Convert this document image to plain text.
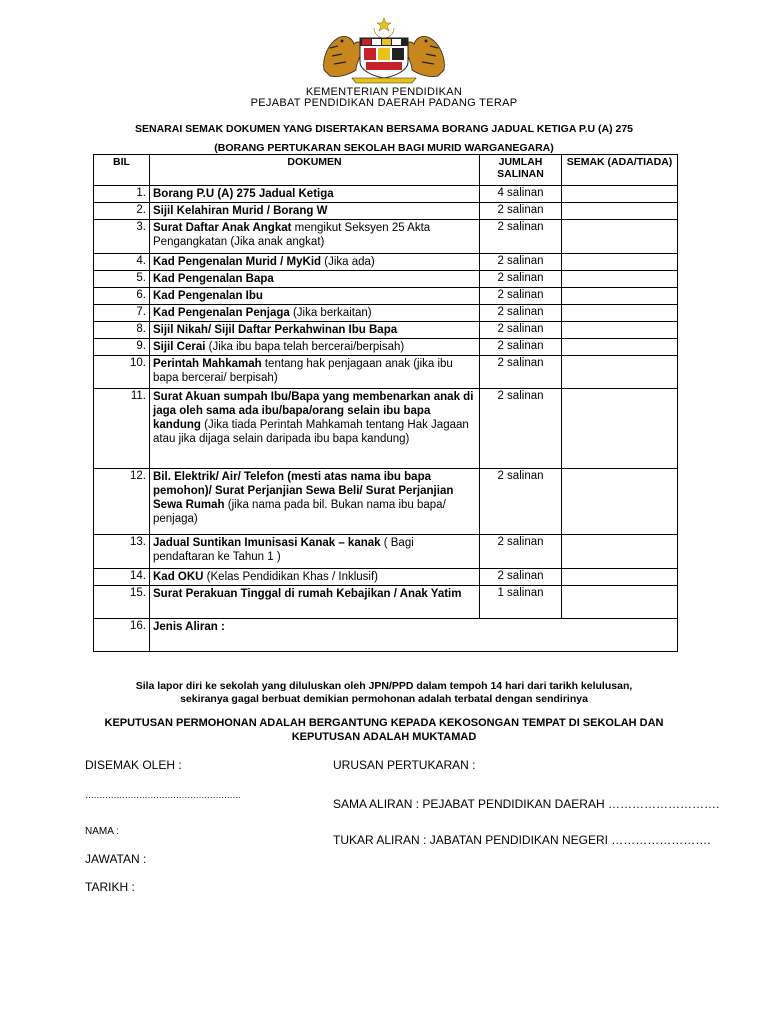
KEMENTERIAN PENDIDIKAN
PEJABAT PENDIDIKAN DAERAH PADANG TERAP
SENARAI SEMAK DOKUMEN YANG DISERTAKAN BERSAMA BORANG JADUAL KETIGA P.U (A) 275
(BORANG PERTUKARAN SEKOLAH BAGI MURID WARGANEGARA)
BIL	DOKUMEN	JUMLAH SALINAN	SEMAK (ADA/TIADA)
1.	Borang P.U (A) 275 Jadual Ketiga	4 salinan	
2.	Sijil Kelahiran Murid / Borang W	2 salinan	
3.	Surat Daftar Anak Angkat mengikut Seksyen 25 Akta Pengangkatan (Jika anak angkat)	2 salinan	
4.	Kad Pengenalan Murid / MyKid (Jika ada)	2 salinan	
5.	Kad Pengenalan Bapa	2 salinan	
6.	Kad Pengenalan Ibu	2 salinan	
7.	Kad Pengenalan Penjaga (Jika berkaitan)	2 salinan	
8.	Sijil Nikah/ Sijil Daftar Perkahwinan Ibu Bapa	2 salinan	
9.	Sijil Cerai (Jika ibu bapa telah bercerai/berpisah)	2 salinan	
10.	Perintah Mahkamah tentang hak penjagaan anak (jika ibu bapa bercerai/ berpisah)	2 salinan	
11.	Surat Akuan sumpah Ibu/Bapa yang membenarkan anak di jaga oleh sama ada ibu/bapa/orang selain ibu bapa kandung (Jika tiada Perintah Mahkamah tentang Hak Jagaan atau jika dijaga selain daripada ibu bapa kandung)	2 salinan	
12.	Bil. Elektrik/ Air/ Telefon (mesti atas nama ibu bapa pemohon)/ Surat Perjanjian Sewa Beli/ Surat Perjanjian Sewa Rumah (jika nama pada bil. Bukan nama ibu bapa/ penjaga)	2 salinan	
13.	Jadual Suntikan Imunisasi Kanak – kanak ( Bagi pendaftaran ke Tahun 1 )	2 salinan	
14.	Kad OKU (Kelas Pendidikan Khas / Inklusif)	2 salinan	
15.	Surat Perakuan Tinggal di rumah Kebajikan / Anak Yatim	1 salinan	
16.	Jenis Aliran :		
Sila lapor diri ke sekolah yang diluluskan oleh JPN/PPD dalam tempoh 14 hari dari tarikh kelulusan,
sekiranya gagal berbuat demikian permohonan adalah terbatal dengan sendirinya
KEPUTUSAN PERMOHONAN ADALAH BERGANTUNG KEPADA KEKOSONGAN TEMPAT DI SEKOLAH DAN
KEPUTUSAN ADALAH MUKTAMAD
DISEMAK OLEH :
……………………………………………….
NAMA :
JAWATAN :
TARIKH :
URUSAN PERTUKARAN :
SAMA ALIRAN : PEJABAT PENDIDIKAN DAERAH ……………………….
TUKAR ALIRAN : JABATAN PENDIDIKAN NEGERI …………………….
